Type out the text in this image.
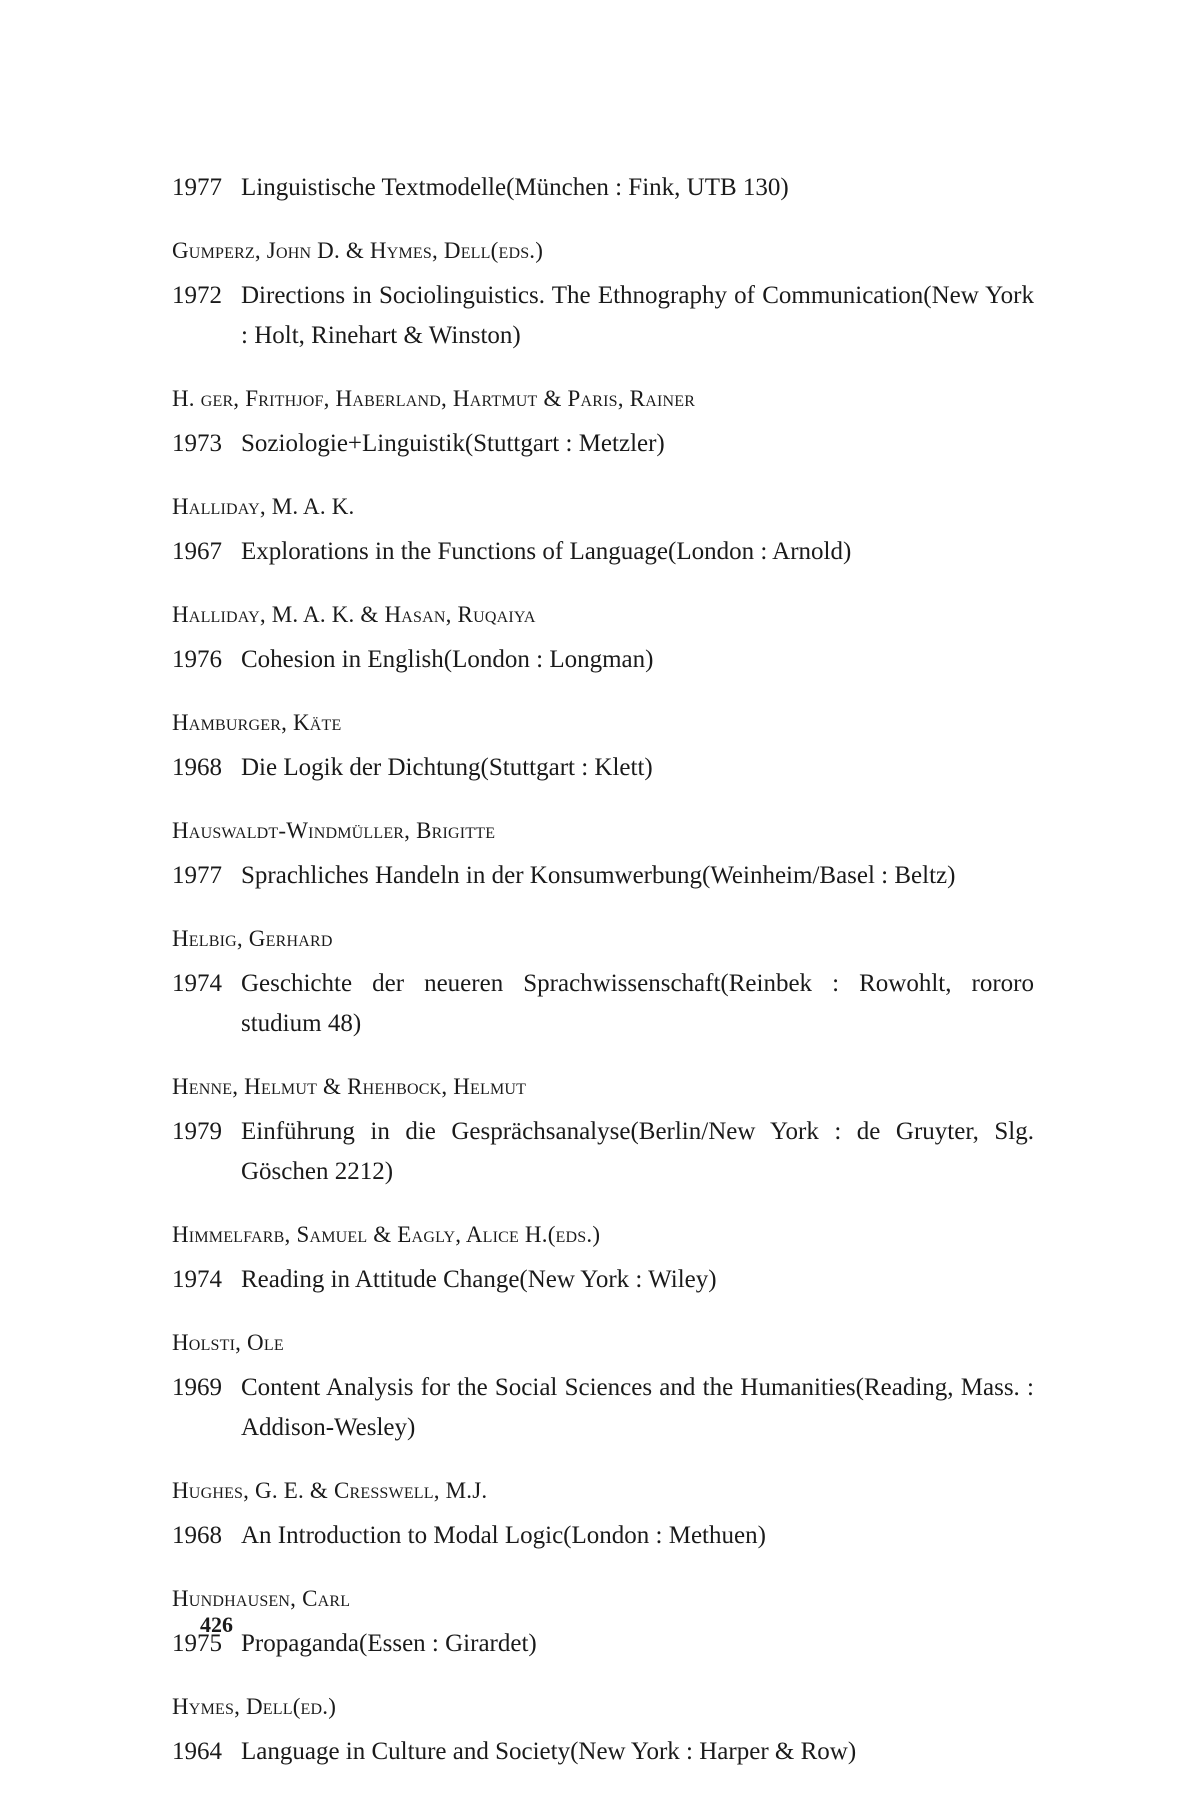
1977 Linguistische Textmodelle(München : Fink, UTB 130)
Gumperz, John D. & Hymes, Dell(eds.)
1972 Directions in Sociolinguistics. The Ethnography of Communication(New York : Holt, Rinehart & Winston)
H. ger, Frithjof, Haberland, Hartmut & Paris, Rainer
1973 Soziologie+Linguistik(Stuttgart : Metzler)
Halliday, M. A. K.
1967 Explorations in the Functions of Language(London : Arnold)
Halliday, M. A. K. & Hasan, Ruqaiya
1976 Cohesion in English(London : Longman)
Hamburger, Käte
1968 Die Logik der Dichtung(Stuttgart : Klett)
Hauswaldt-Windmüller, Brigitte
1977 Sprachliches Handeln in der Konsumwerbung(Weinheim/Basel : Beltz)
Helbig, Gerhard
1974 Geschichte der neueren Sprachwissenschaft(Reinbek : Rowohlt, rororo studium 48)
Henne, Helmut & Rhehbock, Helmut
1979 Einführung in die Gesprächsanalyse(Berlin/New York : de Gruyter, Slg. Göschen 2212)
Himmelfarb, Samuel & Eagly, Alice H.(eds.)
1974 Reading in Attitude Change(New York : Wiley)
Holsti, Ole
1969 Content Analysis for the Social Sciences and the Humanities(Reading, Mass. : Addison-Wesley)
Hughes, G. E. & Cresswell, M.J.
1968 An Introduction to Modal Logic(London : Methuen)
Hundhausen, Carl
1975 Propaganda(Essen : Girardet)
Hymes, Dell(ed.)
1964 Language in Culture and Society(New York : Harper & Row)
426
